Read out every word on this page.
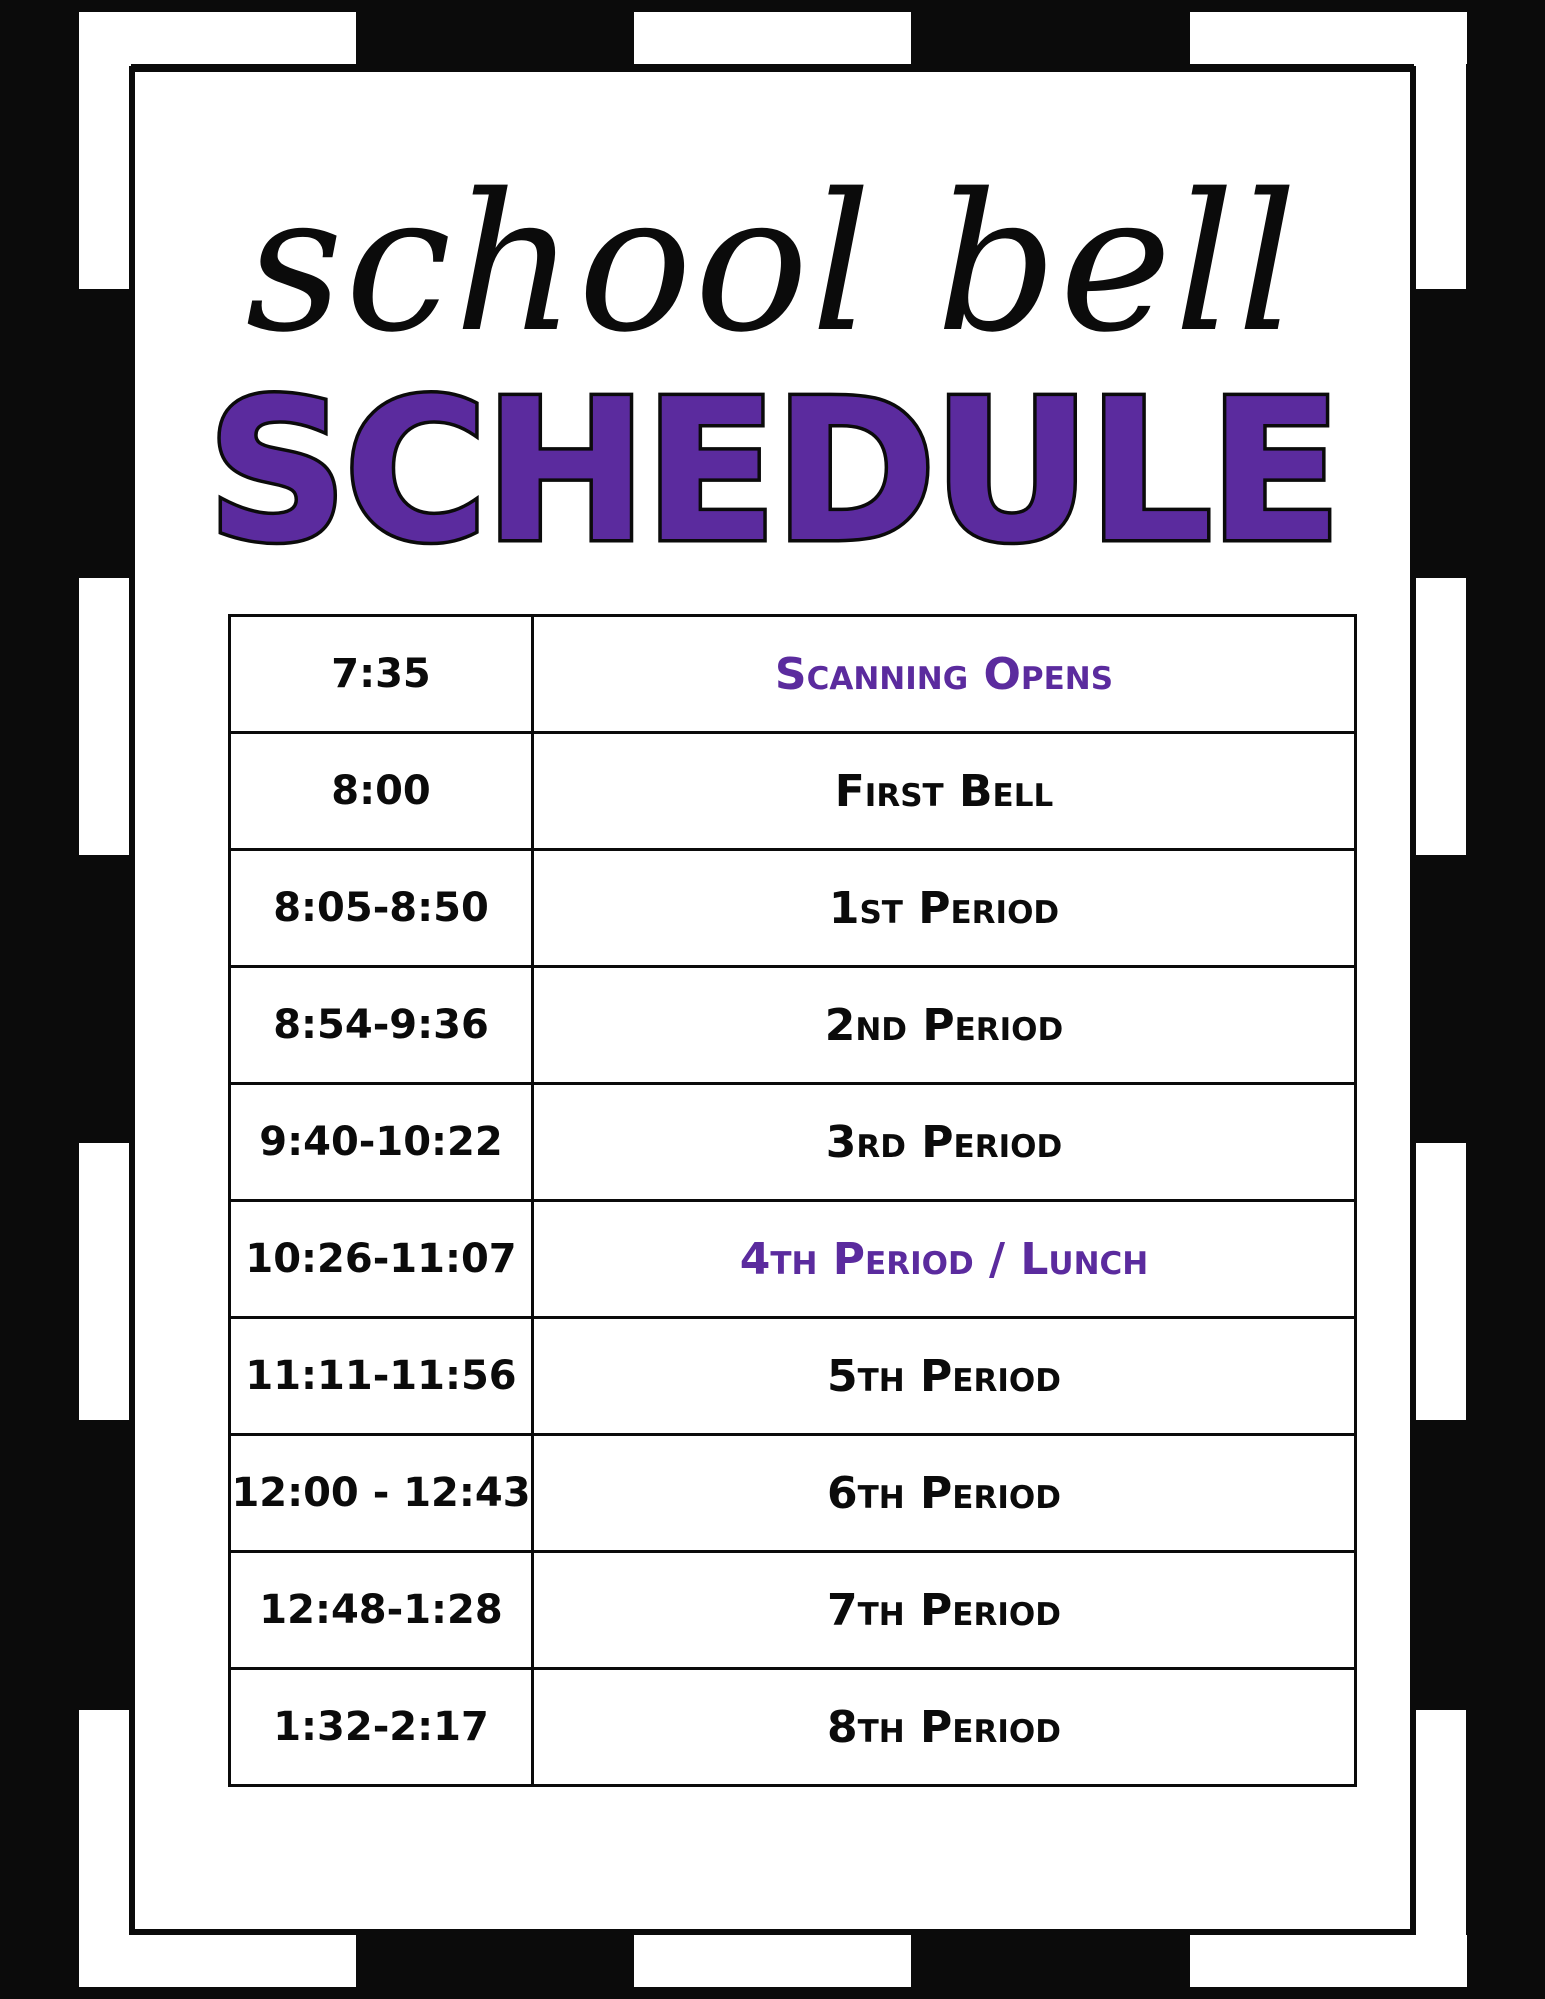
school bell
SCHEDULE
7:35	Scanning Opens
8:00	First Bell
8:05-8:50	1st Period
8:54-9:36	2nd Period
9:40-10:22	3rd Period
10:26-11:07	4th Period / Lunch
11:11-11:56	5th Period
12:00 - 12:43	6th Period
12:48-1:28	7th Period
1:32-2:17	8th Period
